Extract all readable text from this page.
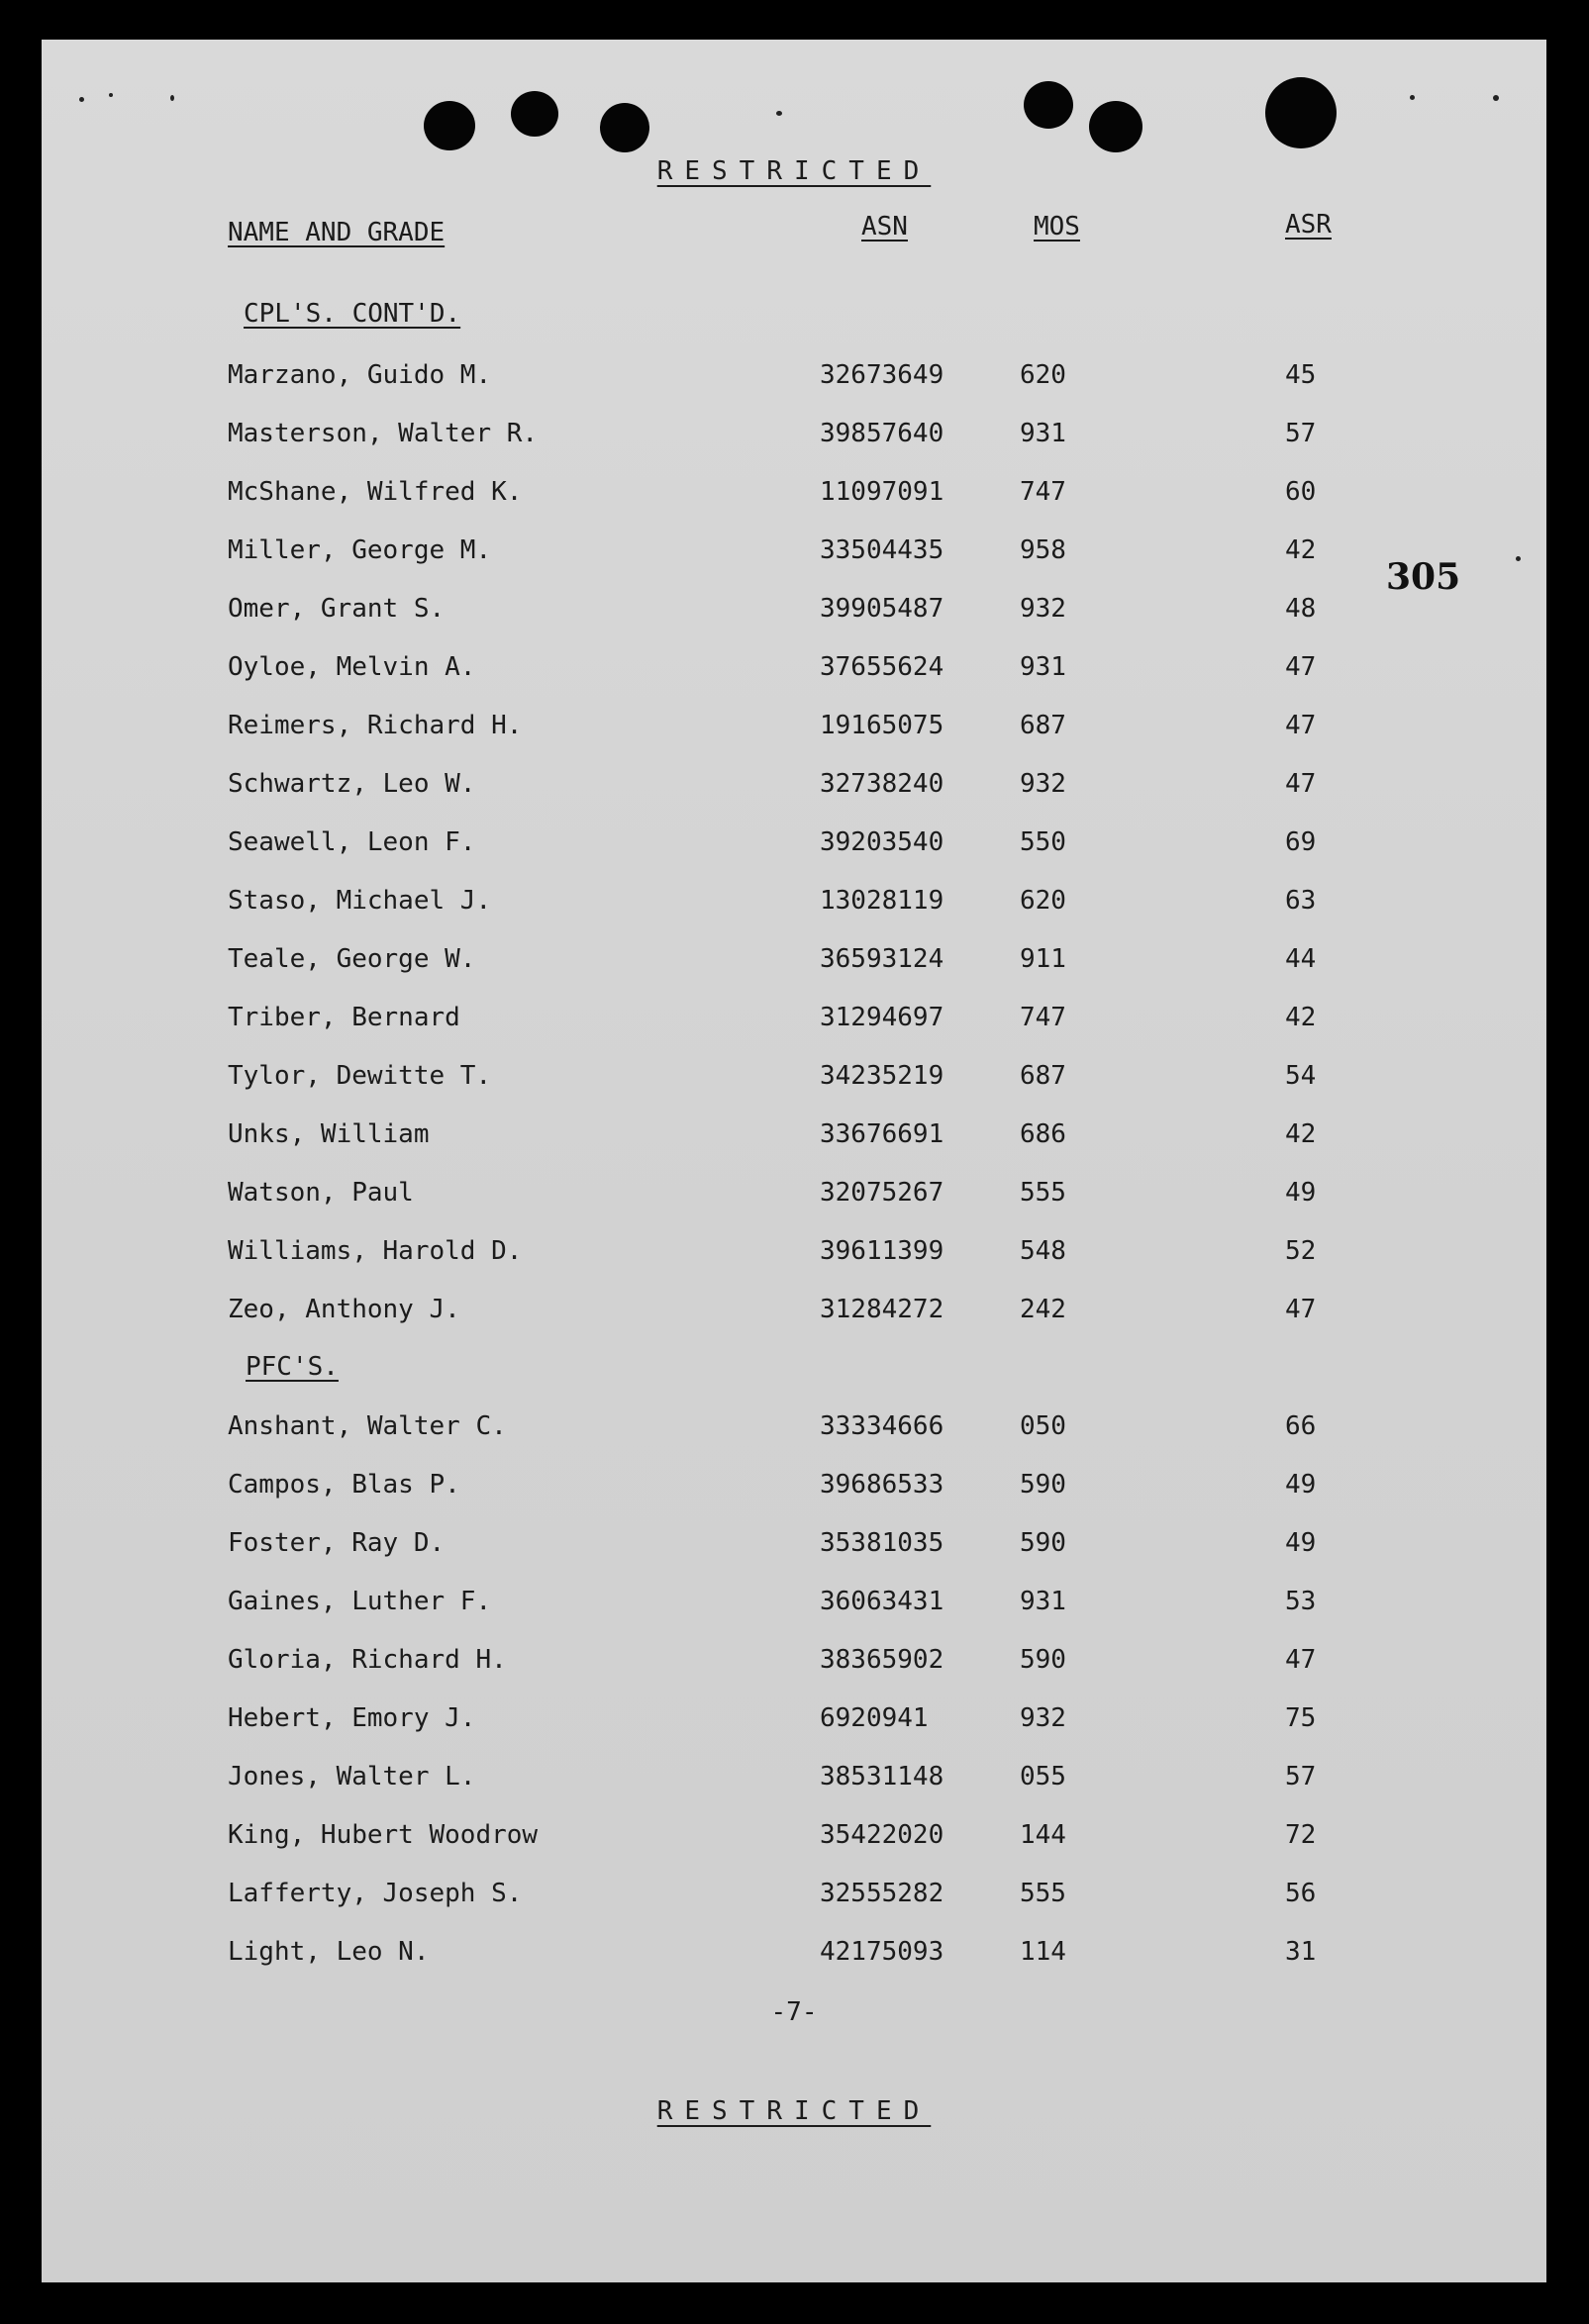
RESTRICTED
NAME AND GRADE	ASN	MOS	ASR
305
CPL'S. CONT'D.
Marzano, Guido M.	32673649	620	45
Masterson, Walter R.	39857640	931	57
McShane, Wilfred K.	11097091	747	60
Miller, George M.	33504435	958	42
Omer, Grant S.	39905487	932	48
Oyloe, Melvin A.	37655624	931	47
Reimers, Richard H.	19165075	687	47
Schwartz, Leo W.	32738240	932	47
Seawell, Leon F.	39203540	550	69
Staso, Michael J.	13028119	620	63
Teale, George W.	36593124	911	44
Triber, Bernard	31294697	747	42
Tylor, Dewitte T.	34235219	687	54
Unks, William	33676691	686	42
Watson, Paul	32075267	555	49
Williams, Harold D.	39611399	548	52
Zeo, Anthony J.	31284272	242	47
PFC'S.
Anshant, Walter C.	33334666	050	66
Campos, Blas P.	39686533	590	49
Foster, Ray D.	35381035	590	49
Gaines, Luther F.	36063431	931	53
Gloria, Richard H.	38365902	590	47
Hebert, Emory J.	6920941	932	75
Jones, Walter L.	38531148	055	57
King, Hubert Woodrow	35422020	144	72
Lafferty, Joseph S.	32555282	555	56
Light, Leo N.	42175093	114	31
-7-
RESTRICTED
